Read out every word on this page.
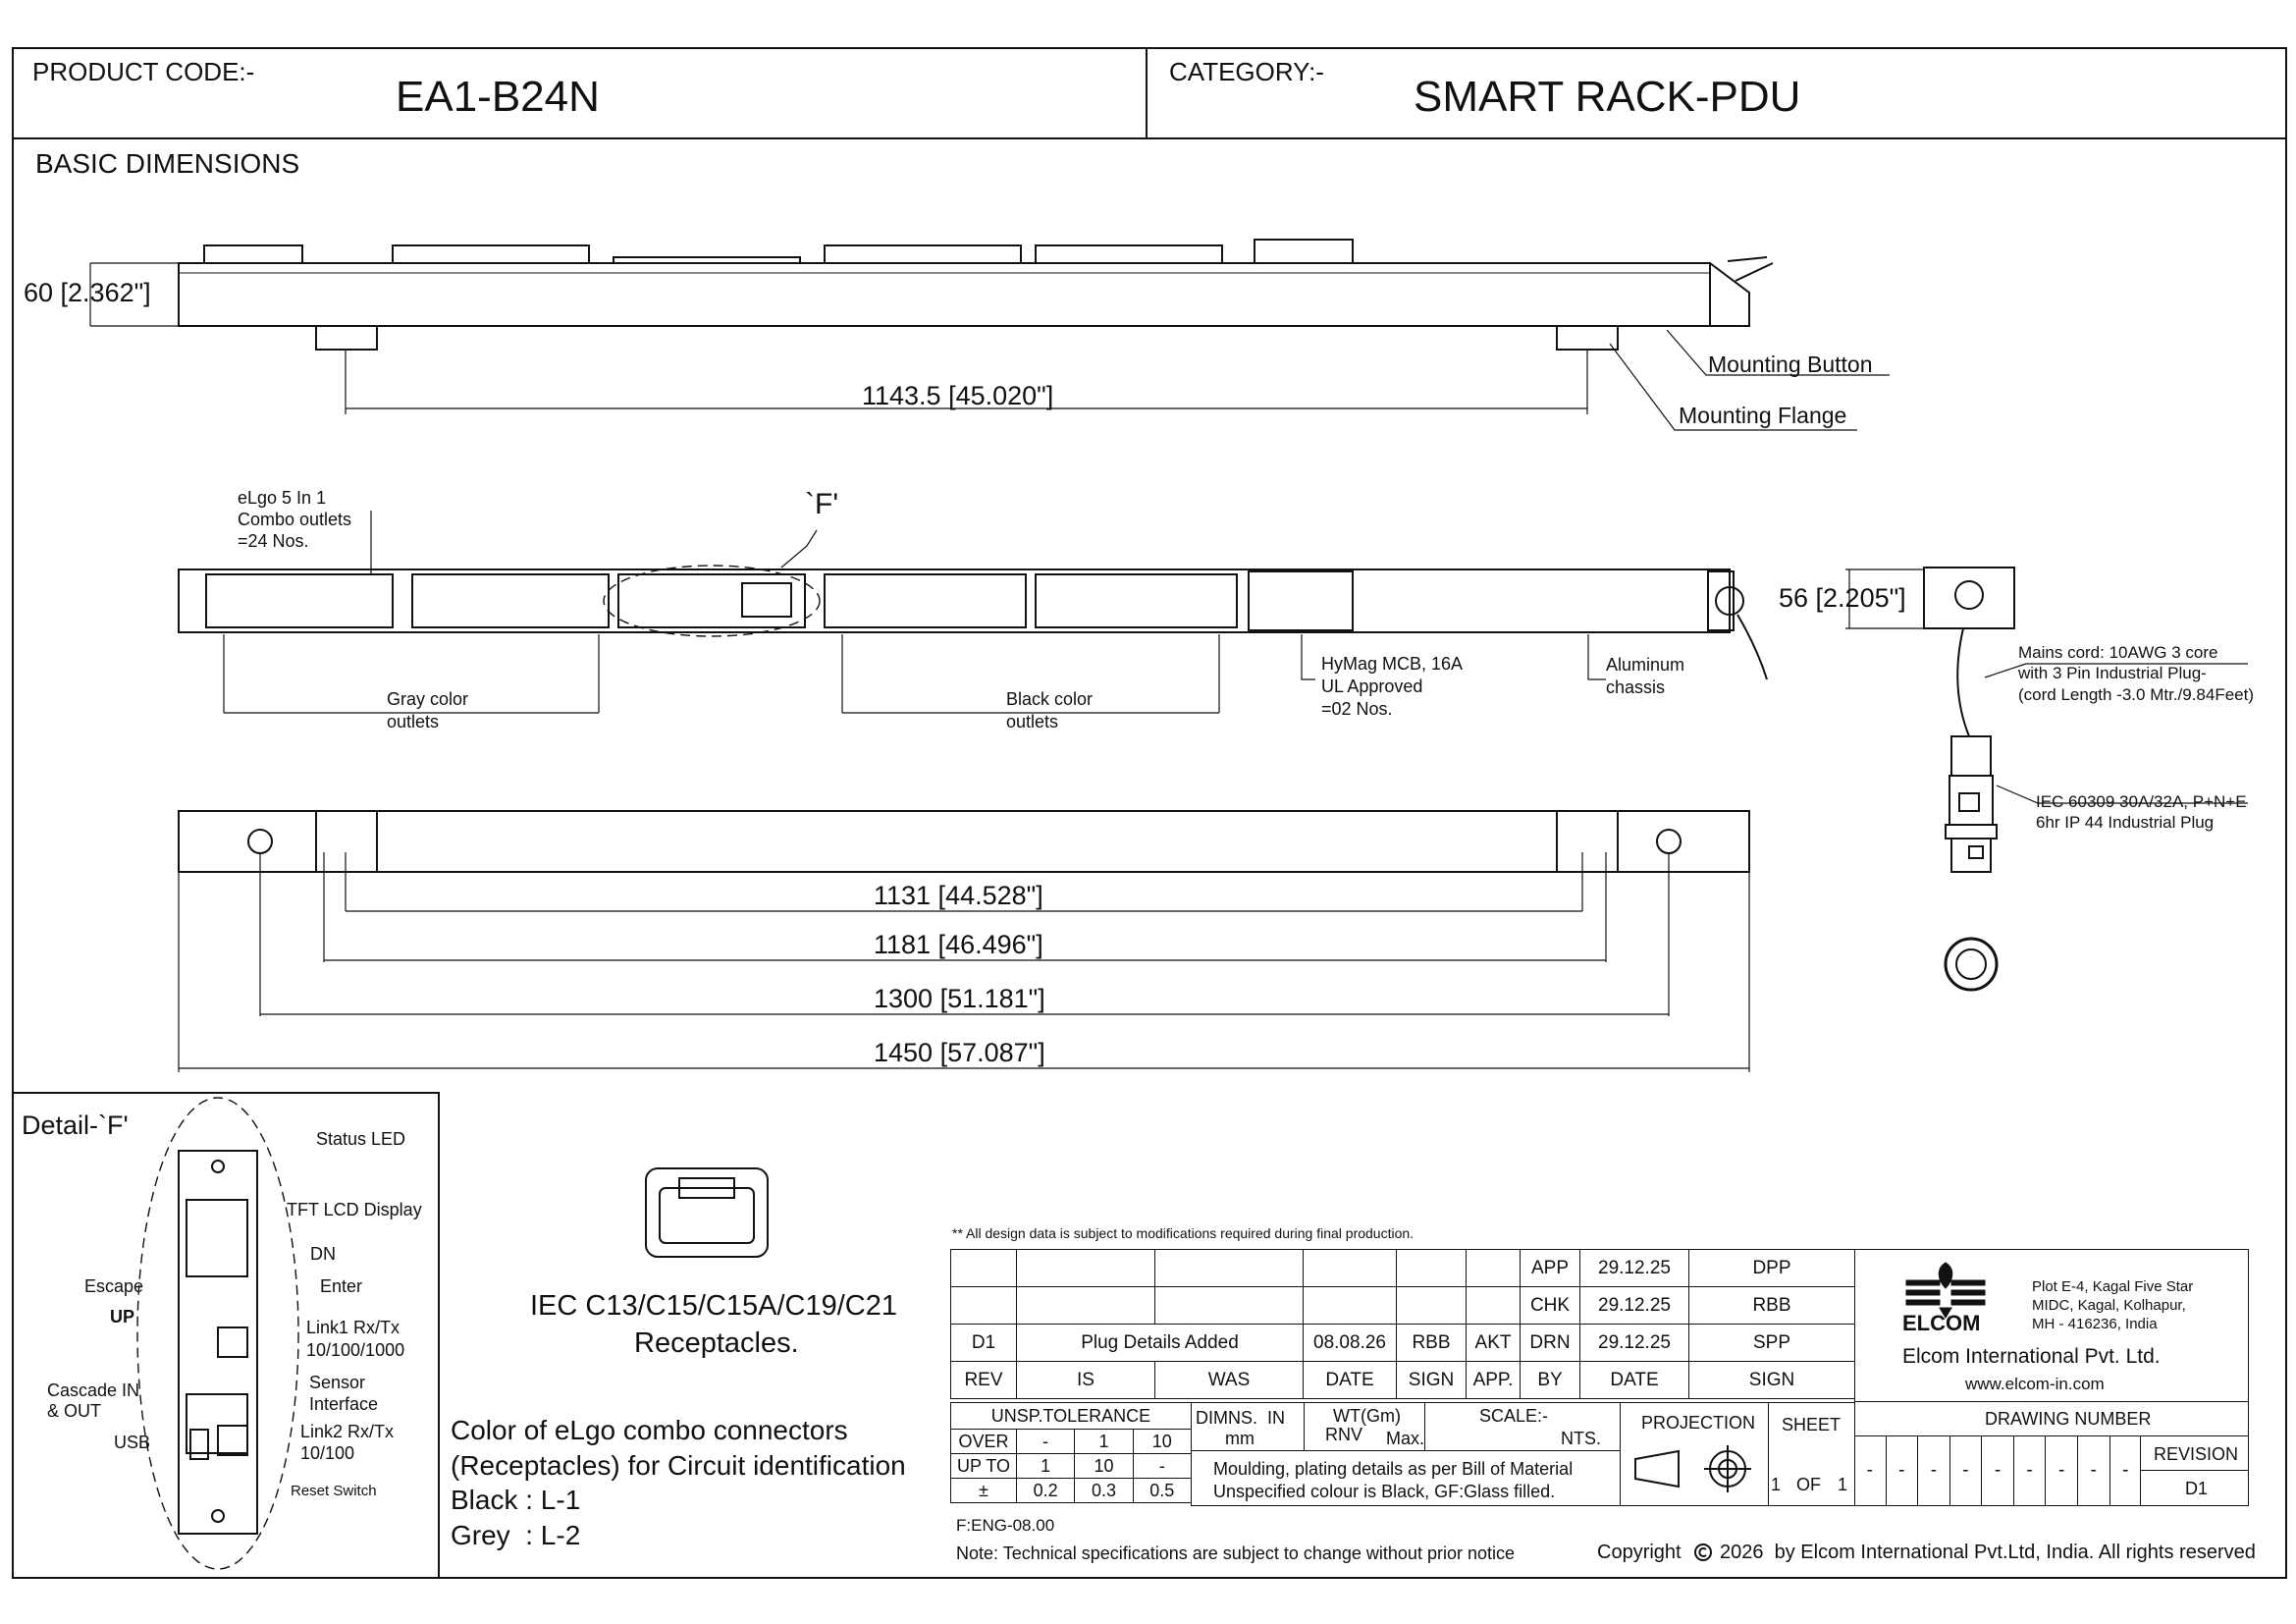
PRODUCT CODE:-
EA1-B24N
CATEGORY:-
SMART RACK-PDU
BASIC DIMENSIONS
60 [2.362"]
1143.5 [45.020"]
Mounting Button
Mounting Flange
`F'
eLgo 5 In 1
Combo outlets
=24 Nos.
Gray color
outlets
Black color
outlets
HyMag MCB, 16A
UL Approved
=02 Nos.
Aluminum
chassis
56 [2.205"]
Mains cord: 10AWG 3 core
with 3 Pin Industrial Plug-
(cord Length -3.0 Mtr./9.84Feet)
IEC 60309 30A/32A, P+N+E
6hr IP 44 Industrial Plug
1131 [44.528"]
1181 [46.496"]
1300 [51.181"]
1450 [57.087"]
Detail-`F'	Status LED
TFT LCD Display
DN
Escape	Enter
UP
Link1 Rx/Tx
10/100/1000
Cascade IN
& OUT
Sensor
Interface
USB
Link2 Rx/Tx
10/100
Reset Switch
IEC C13/C15/C15A/C19/C21
Receptacles.
Color of eLgo combo connectors
(Receptacles) for Circuit identification
Black : L-1
Grey  : L-2
** All design data is subject to modifications required during final production.
						APP	29.12.25	DPP
						CHK	29.12.25	RBB
D1	Plug Details Added		08.08.26	RBB	AKT	DRN	29.12.25	SPP
REV	IS	WAS	DATE	SIGN	APP.	BY	DATE	SIGN
UNSP.TOLERANCE			
OVER	-	1	10
UP TO	1	10	-
±	0.2	0.3	0.5
DIMNS.  IN
mm
WT(Gm)
RNV Max.
SCALE:-
NTS.
Moulding, plating details as per Bill of Material
Unspecified colour is Black, GF:Glass filled.
PROJECTION SHEET
1 OF 1
ELCOM
Plot E-4, Kagal Five Star
MIDC, Kagal, Kolhapur,
MH - 416236, India
Elcom International Pvt. Ltd.
www.elcom-in.com
DRAWING NUMBER
-	-	-	-	-	-	-	-	-
REVISION
D1
F:ENG-08.00
Note: Technical specifications are subject to change without prior notice	Copyright 2026  by Elcom International Pvt.Ltd, India. All rights reserved
